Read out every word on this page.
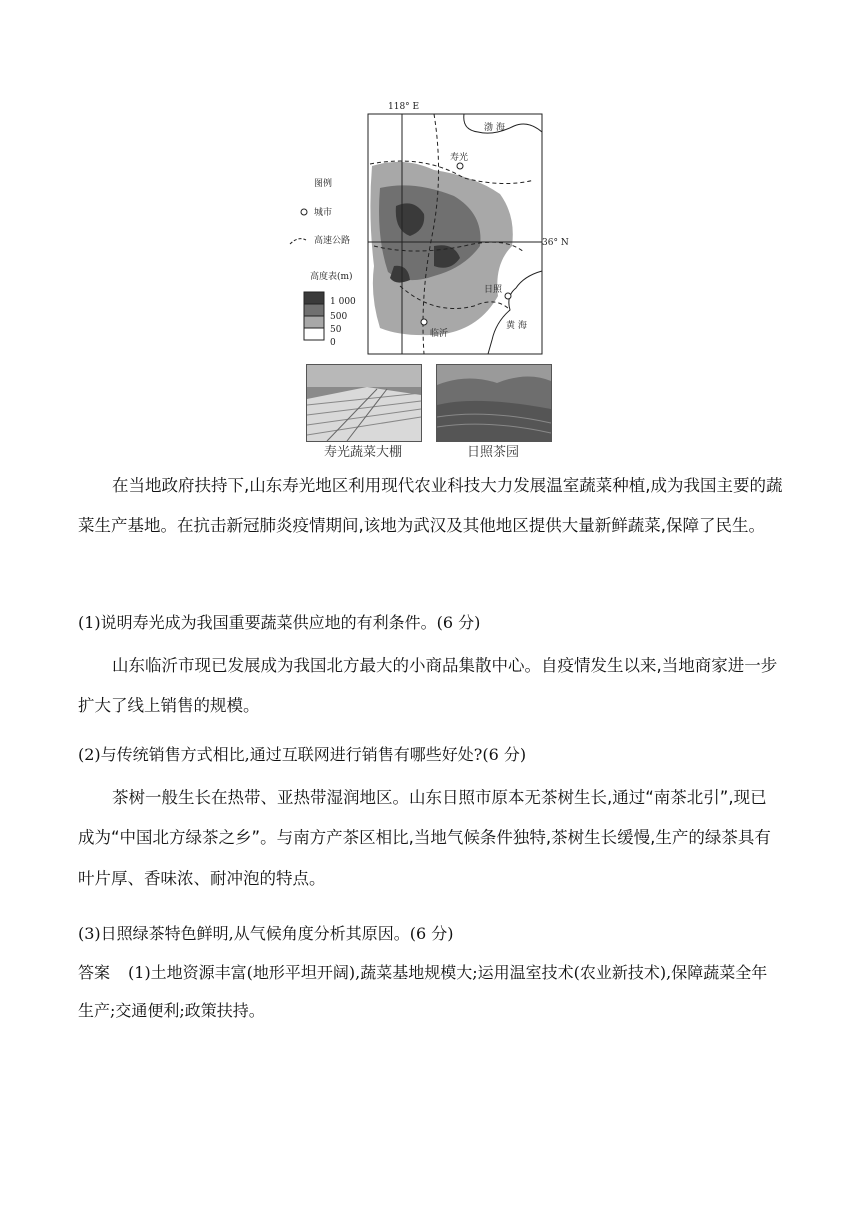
图例
城市
高速公路
高度表(m)
1 000
500
50
0
118° E
36° N
渤 海
黄 海
寿光
日照
临沂
寿光蔬菜大棚	日照茶园
在当地政府扶持下,山东寿光地区利用现代农业科技大力发展温室蔬菜种植,成为我国主要的蔬菜生产基地。在抗击新冠肺炎疫情期间,该地为武汉及其他地区提供大量新鲜蔬菜,保障了民生。
(1)说明寿光成为我国重要蔬菜供应地的有利条件。(6 分)
山东临沂市现已发展成为我国北方最大的小商品集散中心。自疫情发生以来,当地商家进一步扩大了线上销售的规模。
(2)与传统销售方式相比,通过互联网进行销售有哪些好处?(6 分)
茶树一般生长在热带、亚热带湿润地区。山东日照市原本无茶树生长,通过“南茶北引”,现已成为“中国北方绿茶之乡”。与南方产茶区相比,当地气候条件独特,茶树生长缓慢,生产的绿茶具有叶片厚、香味浓、耐冲泡的特点。
(3)日照绿茶特色鲜明,从气候角度分析其原因。(6 分)
答案 (1)土地资源丰富(地形平坦开阔),蔬菜基地规模大;运用温室技术(农业新技术),保障蔬菜全年生产;交通便利;政策扶持。
